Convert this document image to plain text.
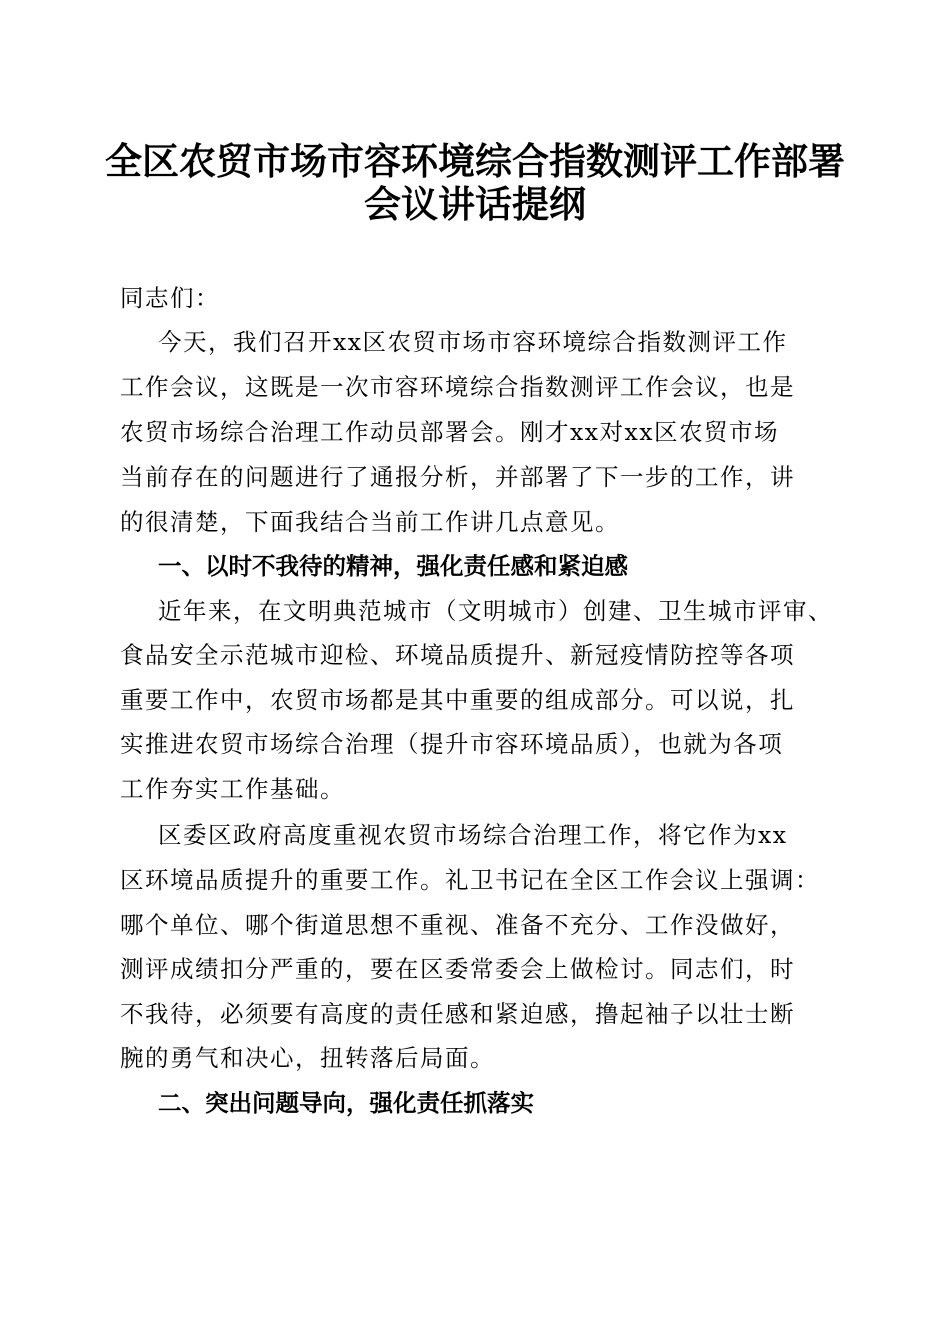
全区农贸市场市容环境综合指数测评工作部署
会议讲话提纲
同志们：
今天，我们召开xx区农贸市场市容环境综合指数测评工作
工作会议，这既是一次市容环境综合指数测评工作会议，也是
农贸市场综合治理工作动员部署会。刚才xx对xx区农贸市场
当前存在的问题进行了通报分析，并部署了下一步的工作，讲
的很清楚，下面我结合当前工作讲几点意见。
一、以时不我待的精神，强化责任感和紧迫感
近年来，在文明典范城市（文明城市）创建、卫生城市评审、
食品安全示范城市迎检、环境品质提升、新冠疫情防控等各项
重要工作中，农贸市场都是其中重要的组成部分。可以说，扎
实推进农贸市场综合治理（提升市容环境品质），也就为各项
工作夯实工作基础。
区委区政府高度重视农贸市场综合治理工作，将它作为xx
区环境品质提升的重要工作。礼卫书记在全区工作会议上强调：
哪个单位、哪个街道思想不重视、准备不充分、工作没做好，
测评成绩扣分严重的，要在区委常委会上做检讨。同志们，时
不我待，必须要有高度的责任感和紧迫感，撸起袖子以壮士断
腕的勇气和决心，扭转落后局面。
二、突出问题导向，强化责任抓落实
